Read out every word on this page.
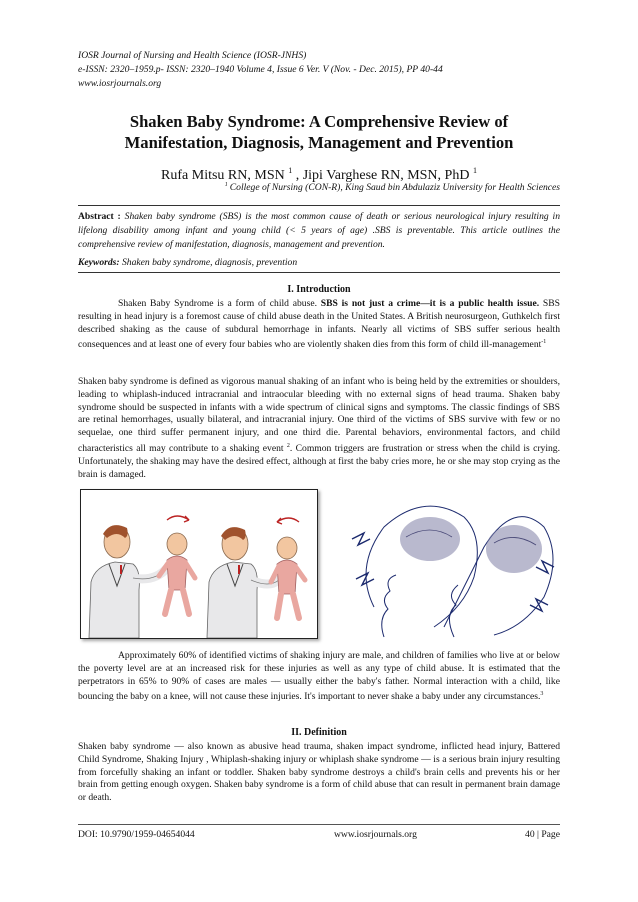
IOSR Journal of Nursing and Health Science (IOSR-JNHS)
e-ISSN: 2320–1959.p- ISSN: 2320–1940 Volume 4, Issue 6 Ver. V (Nov. - Dec. 2015), PP 40-44
www.iosrjournals.org
Shaken Baby Syndrome: A Comprehensive Review of
Manifestation, Diagnosis, Management and Prevention
Rufa Mitsu RN, MSN $^1$ , Jipi Varghese RN, MSN, PhD $^1$
$^1$ College of Nursing (CON-R), King Saud bin Abdulaziz University for Health Sciences
Abstract : Shaken baby syndrome (SBS) is the most common cause of death or serious neurological injury resulting in lifelong disability among infant and young child (< 5 years of age) .SBS is preventable. This article outlines the comprehensive review of manifestation, diagnosis, management and prevention.
Keywords: Shaken baby syndrome, diagnosis, prevention
I. Introduction
Shaken Baby Syndrome is a form of child abuse. SBS is not just a crime—it is a public health issue. SBS resulting in head injury is a foremost cause of child abuse death in the United States. A British neurosurgeon, Guthkelch first described shaking as the cause of subdural hemorrhage in infants. Nearly all victims of SBS suffer serious health consequences and at least one of every four babies who are violently shaken dies from this form of child ill-management$^{-1}$
Shaken baby syndrome is defined as vigorous manual shaking of an infant who is being held by the extremities or shoulders, leading to whiplash-induced intracranial and intraocular bleeding with no external signs of head trauma. Shaken baby syndrome should be suspected in infants with a wide spectrum of clinical signs and symptoms. The classic findings of SBS are retinal hemorrhages, usually bilateral, and intracranial injury. One third of the victims of SBS survive with few or no sequelae, one third suffer permanent injury, and one third die. Parental behaviors, environmental factors, and child characteristics all may contribute to a shaking event $^2$. Common triggers are frustration or stress when the child is crying. Unfortunately, the shaking may have the desired effect, although at first the baby cries more, he or she may stop crying as the brain is damaged.
Approximately 60% of identified victims of shaking injury are male, and children of families who live at or below the poverty level are at an increased risk for these injuries as well as any type of child abuse. It is estimated that the perpetrators in 65% to 90% of cases are males — usually either the baby's father. Normal interaction with a child, like bouncing the baby on a knee, will not cause these injuries. It's important to never shake a baby under any circumstances.$^3$
II. Definition
Shaken baby syndrome — also known as abusive head trauma, shaken impact syndrome, inflicted head injury, Battered Child Syndrome, Shaking Injury , Whiplash-shaking injury or whiplash shake syndrome — is a serious brain injury resulting from forcefully shaking an infant or toddler. Shaken baby syndrome destroys a child's brain cells and prevents his or her brain from getting enough oxygen. Shaken baby syndrome is a form of child abuse that can result in permanent brain damage or death.
DOI: 10.9790/1959-04654044	www.iosrjournals.org	40 | Page
